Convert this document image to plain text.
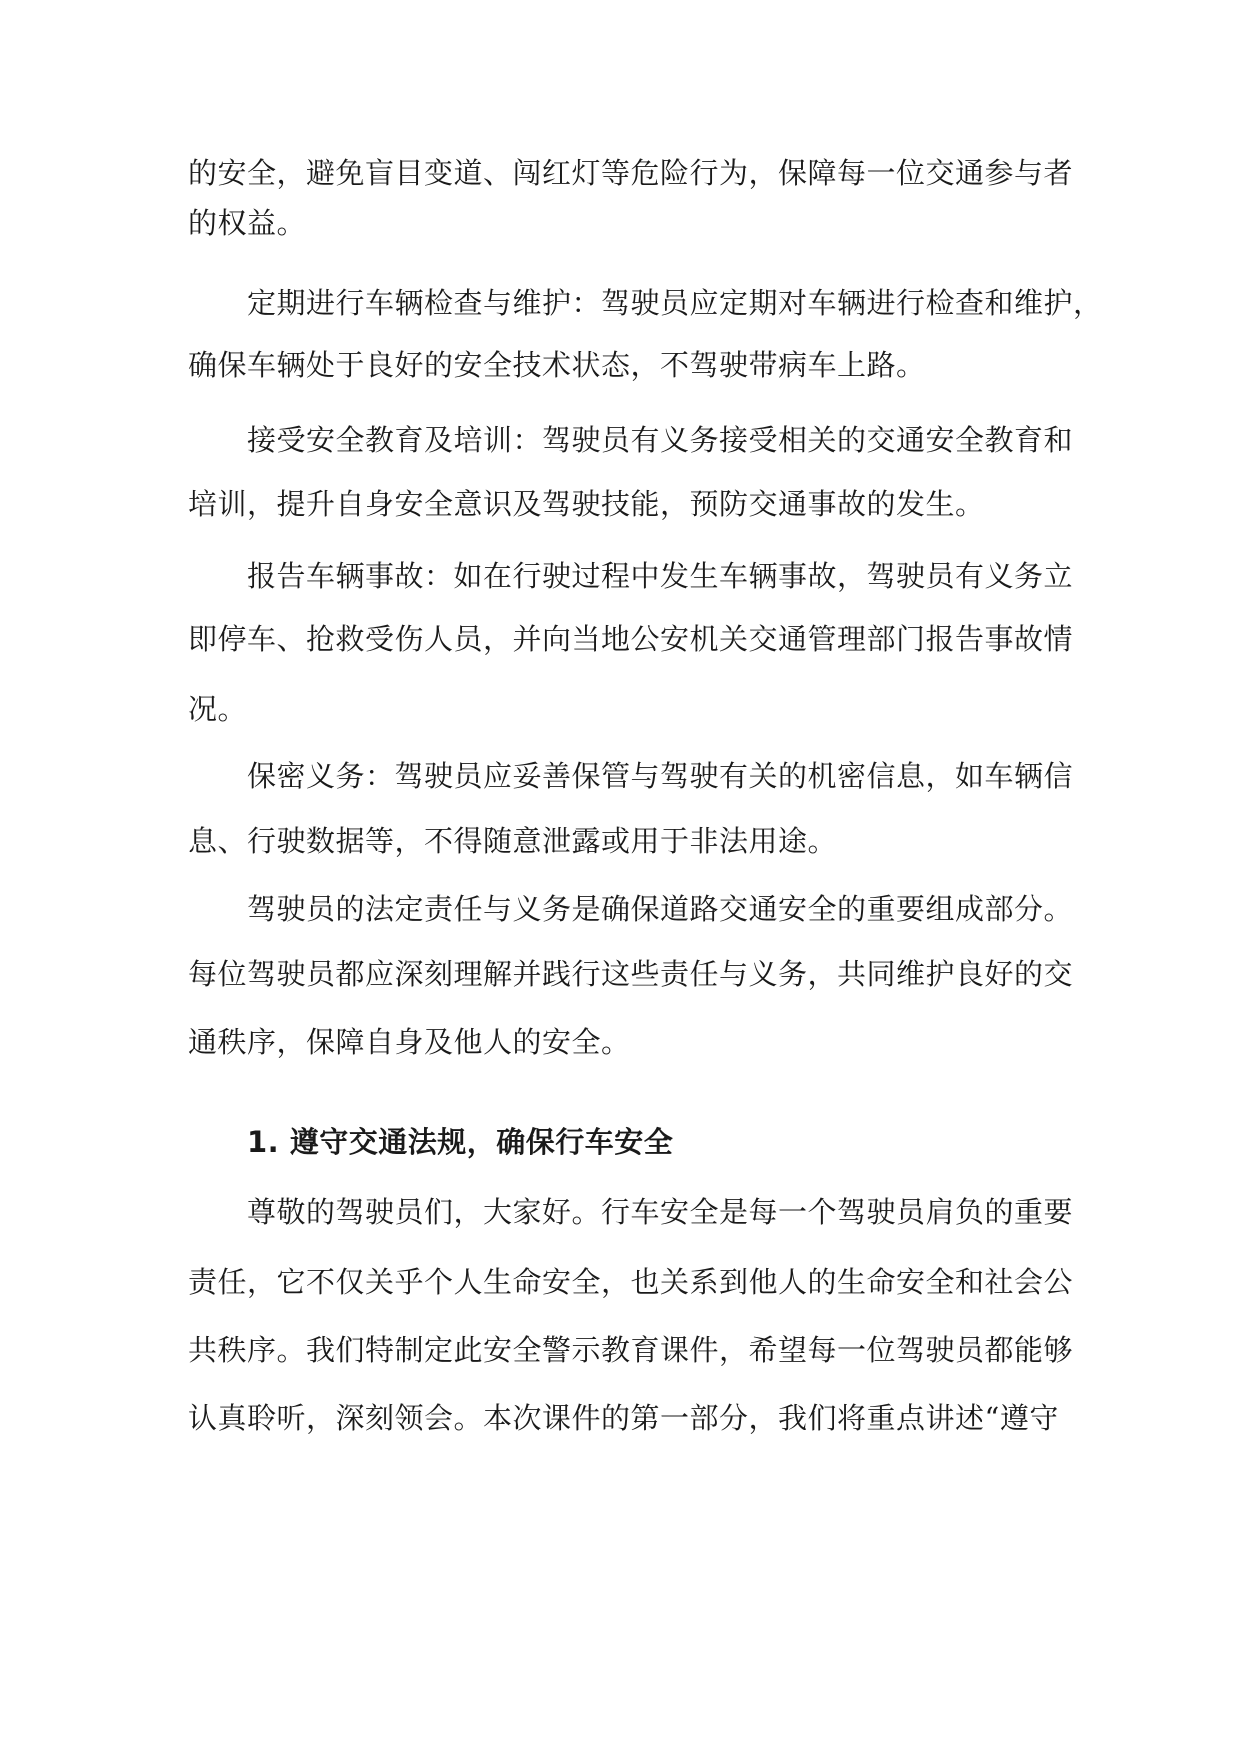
的安全，避免盲目变道、闯红灯等危险行为，保障每一位交通参与者
的权益。
定期进行车辆检查与维护：驾驶员应定期对车辆进行检查和维护，
确保车辆处于良好的安全技术状态，不驾驶带病车上路。
接受安全教育及培训：驾驶员有义务接受相关的交通安全教育和
培训，提升自身安全意识及驾驶技能，预防交通事故的发生。
报告车辆事故：如在行驶过程中发生车辆事故，驾驶员有义务立
即停车、抢救受伤人员，并向当地公安机关交通管理部门报告事故情
况。
保密义务：驾驶员应妥善保管与驾驶有关的机密信息，如车辆信
息、行驶数据等，不得随意泄露或用于非法用途。
驾驶员的法定责任与义务是确保道路交通安全的重要组成部分。
每位驾驶员都应深刻理解并践行这些责任与义务，共同维护良好的交
通秩序，保障自身及他人的安全。
1. 遵守交通法规，确保行车安全
尊敬的驾驶员们，大家好。行车安全是每一个驾驶员肩负的重要
责任，它不仅关乎个人生命安全，也关系到他人的生命安全和社会公
共秩序。我们特制定此安全警示教育课件，希望每一位驾驶员都能够
认真聆听，深刻领会。本次课件的第一部分，我们将重点讲述“遵守
